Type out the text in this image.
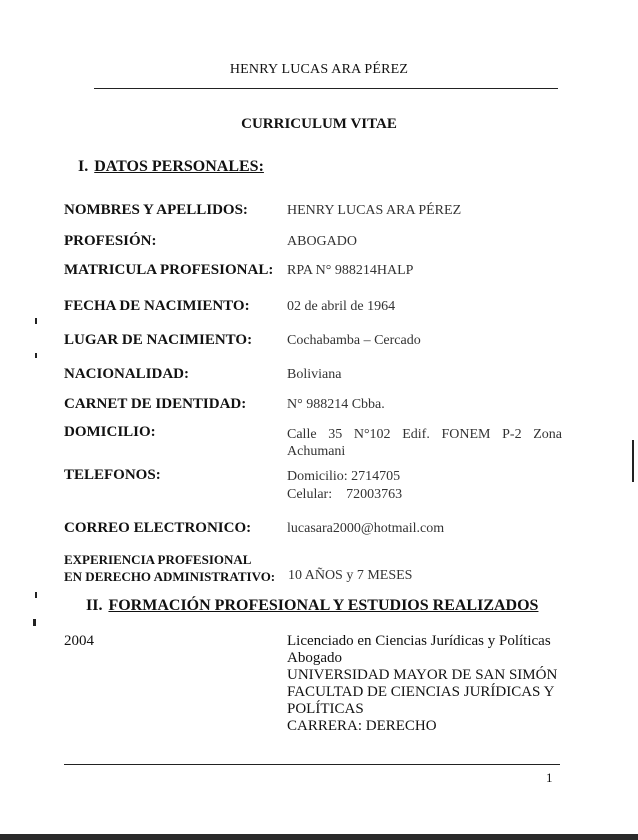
HENRY LUCAS ARA PÉREZ
CURRICULUM VITAE
I. DATOS PERSONALES:
NOMBRES Y APELLIDOS:	HENRY LUCAS ARA PÉREZ
PROFESIÓN:	ABOGADO
MATRICULA PROFESIONAL: RPA N° 988214HALP
FECHA DE NACIMIENTO:	02 de abril de 1964
LUGAR DE NACIMIENTO: Cochabamba – Cercado
NACIONALIDAD:	Boliviana
CARNET DE IDENTIDAD:	N° 988214 Cbba.
DOMICILIO:	Calle 35 N°102 Edif. FONEM P-2 Zona Achumani
TELEFONOS:	Domicilio: 2714705
Celular:    72003763
CORREO ELECTRONICO:	lucasara2000@hotmail.com
EXPERIENCIA PROFESIONAL
EN DERECHO ADMINISTRATIVO: 10 AÑOS y 7 MESES
II. FORMACIÓN PROFESIONAL Y ESTUDIOS REALIZADOS
2004	Licenciado en Ciencias Jurídicas y Políticas
Abogado
UNIVERSIDAD MAYOR DE SAN SIMÓN
FACULTAD DE CIENCIAS JURÍDICAS Y
POLÍTICAS
CARRERA: DERECHO
1
